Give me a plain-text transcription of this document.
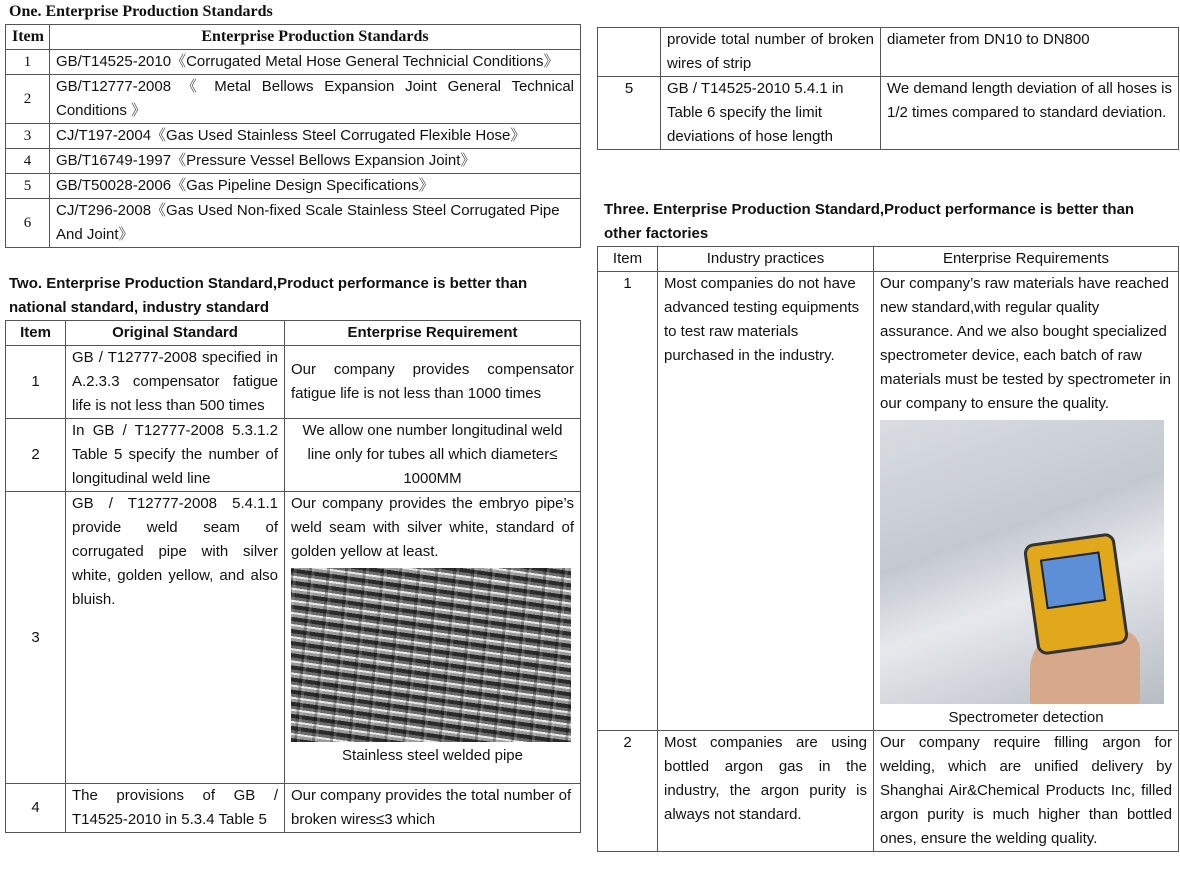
One. Enterprise Production Standards
Item	Enterprise Production Standards
1	GB/T14525-2010《Corrugated Metal Hose General Technicial Conditions》
2	GB/T12777-2008 《 Metal Bellows Expansion Joint General Technical Conditions 》
3	CJ/T197-2004《Gas Used Stainless Steel Corrugated Flexible Hose》
4	GB/T16749-1997《Pressure Vessel Bellows Expansion Joint》
5	GB/T50028-2006《Gas Pipeline Design Specifications》
6	CJ/T296-2008《Gas Used Non-fixed Scale Stainless Steel Corrugated Pipe And Joint》
Two. Enterprise Production Standard,Product performance is better than national standard, industry standard
Item	Original Standard	Enterprise Requirement
1	GB / T12777-2008 specified in A.2.3.3 compensator fatigue life is not less than 500 times	Our company provides compensator fatigue life is not less than 1000 times
2	In GB / T12777-2008 5.3.1.2 Table 5 specify the number of longitudinal weld line	We allow one number longitudinal weld line only for tubes all which diameter≤ 1000MM
3	GB / T12777-2008 5.4.1.1 provide weld seam of corrugated pipe with silver white, golden yellow, and also bluish.	Our company provides the embryo pipe’s weld seam with silver white, standard of golden yellow at least.
Stainless steel welded pipe

4	The provisions of GB / T14525-2010 in 5.3.4 Table 5	Our company provides the total number of broken wires≤3 which
	provide total number of broken wires of strip	diameter from DN10 to DN800
5	GB / T14525-2010 5.4.1 in Table 6 specify the limit deviations of hose length	We demand length deviation of all hoses is 1/2 times compared to standard deviation.
Three. Enterprise Production Standard,Product performance is better than other factories
Item	Industry practices	Enterprise Requirements
1	Most companies do not have advanced testing equipments to test raw materials purchased in the industry.	Our company’s raw materials have reached new standard,with regular quality assurance. And we also bought specialized spectrometer device, each batch of raw materials must be tested by spectrometer in our company to ensure the quality.
Spectrometer detection

2	Most companies are using bottled argon gas in the industry, the argon purity is always not standard.	Our company require filling argon for welding, which are unified delivery by Shanghai Air&Chemical Products Inc, filled argon purity is much higher than bottled ones, ensure the welding quality.
